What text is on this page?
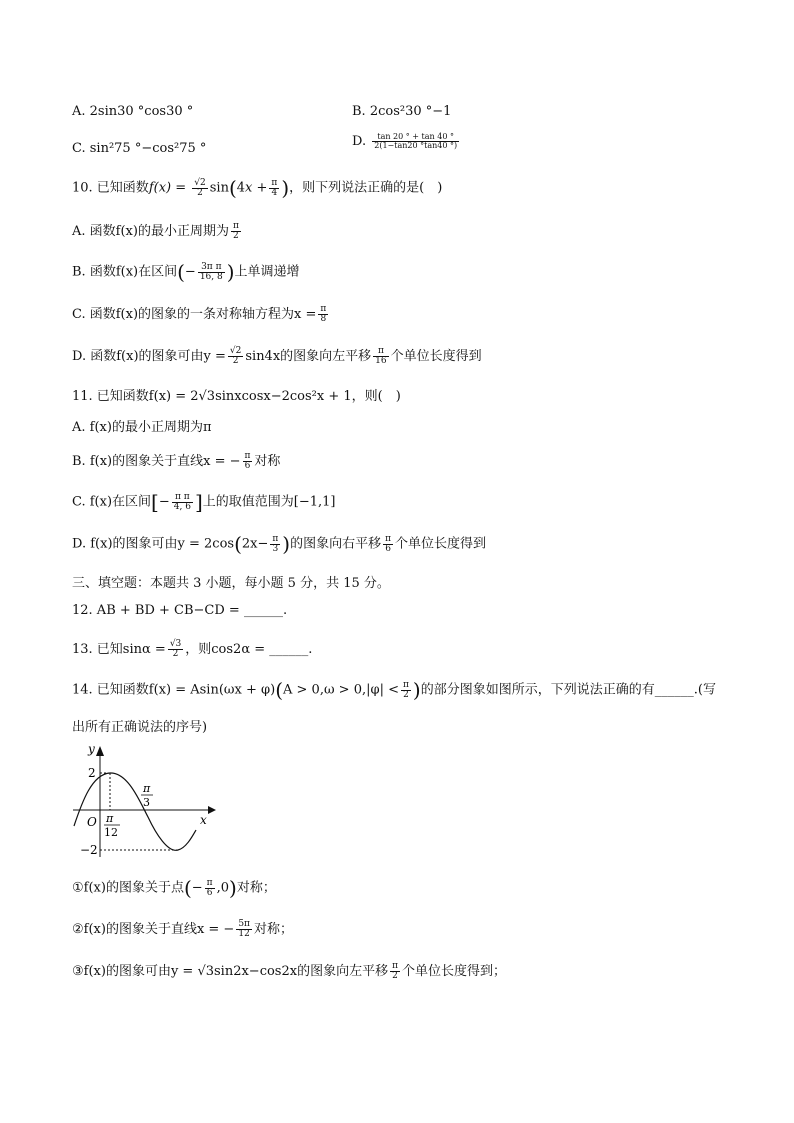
A. 2sin30 °cos30 °	B. 2cos²30 °−1
C. sin²75 °−cos²75 °	D. $\frac{\tan 20 ^\circ + \tan 40 ^\circ}{2(1-\tan 20 ^\circ\tan 40 ^\circ)}$
10. 已知函数$f(x) = \frac{√2}{2} \sin(4x + \frac{\pi}{4}$ )，则下列说法正确的是(　)
A. 函数f(x)的最小正周期为 $\frac{\pi}{2}$
B. 函数f(x)在区间(− $\frac{\text{3π π}}{16, 8}$ )上单调递增
C. 函数f(x)的图象的一条对称轴方程为$x = \frac{\pi}{8}$
D. 函数f(x)的图象可由$y = \frac{√2}{2} \sin 4x$的图象向左平移 $\frac{\pi}{16}$ 个单位长度得到
11. 已知函数f(x) = 2√3sinxcosx−2cos²x + 1，则(　)
A. f(x)的最小正周期为π
B. f(x)的图象关于直线x = − $\frac{\pi}{6}$ 对称
C. f(x)在区间[− $\frac{\text{π π}}{4, 6}$ ]上的取值范围为[−1,1]
D. f(x)的图象可由$y = 2\cos(2x- \frac{\pi}{3}$ )的图象向右平移 $\frac{\pi}{6}$ 个单位长度得到
三、填空题：本题共 3 小题，每小题 5 分，共 15 分。
12. AB + BD + CB−CD = ______.
13. 已知$\sin\alpha = \frac{√3}{2}$ ，则cos2α = ______.
14. 已知函数$f(x) = Asin(\omega x + \varphi)(A > 0,\omega > 0,|\varphi| < \frac{\pi}{2}$ )的部分图象如图所示，下列说法正确的有______.(写
出所有正确说法的序号)
y
x
O
2
−2
π
12
π
3
①f(x)的图象关于点(− $\frac{\pi}{6} ,0$)对称；
②f(x)的图象关于直线x = − $\frac{5\pi}{12}$ 对称；
③f(x)的图象可由y = √3sin2x−cos2x的图象向左平移 $\frac{\pi}{2}$ 个单位长度得到；
